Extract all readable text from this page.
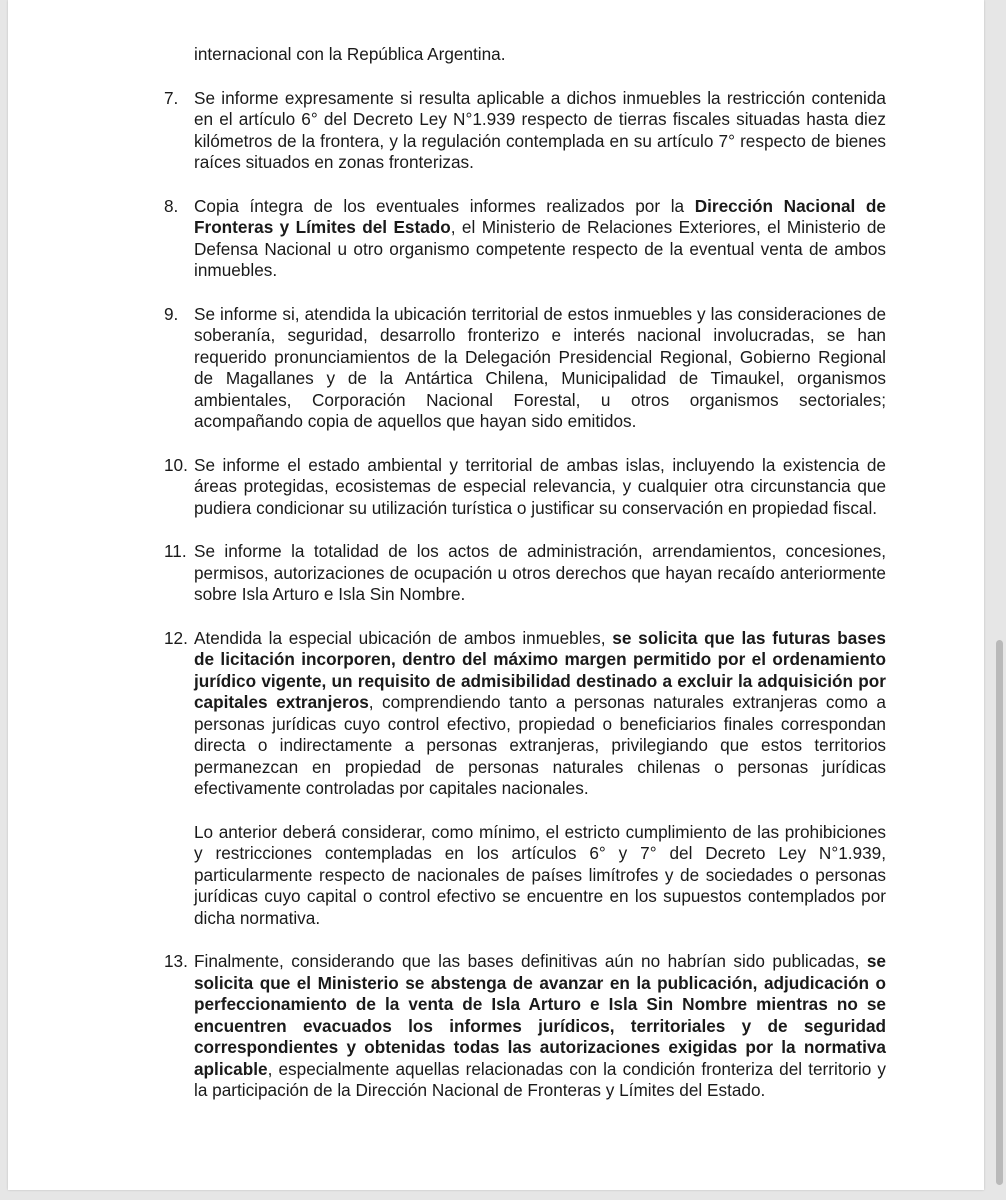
internacional con la República Argentina.

7. Se informe expresamente si resulta aplicable a dichos inmuebles la restricción contenida en el artículo 6° del Decreto Ley N°1.939 respecto de tierras fiscales situadas hasta diez kilómetros de la frontera, y la regulación contemplada en su artículo 7° respecto de bienes raíces situados en zonas fronterizas.

8. Copia íntegra de los eventuales informes realizados por la Dirección Nacional de Fronteras y Límites del Estado, el Ministerio de Relaciones Exteriores, el Ministerio de Defensa Nacional u otro organismo competente respecto de la eventual venta de ambos inmuebles.

9. Se informe si, atendida la ubicación territorial de estos inmuebles y las consideraciones de soberanía, seguridad, desarrollo fronterizo e interés nacional involucradas, se han requerido pronunciamientos de la Delegación Presidencial Regional, Gobierno Regional de Magallanes y de la Antártica Chilena, Municipalidad de Timaukel, organismos ambientales, Corporación Nacional Forestal, u otros organismos sectoriales; acompañando copia de aquellos que hayan sido emitidos.

10. Se informe el estado ambiental y territorial de ambas islas, incluyendo la existencia de áreas protegidas, ecosistemas de especial relevancia, y cualquier otra circunstancia que pudiera condicionar su utilización turística o justificar su conservación en propiedad fiscal.

11. Se informe la totalidad de los actos de administración, arrendamientos, concesiones, permisos, autorizaciones de ocupación u otros derechos que hayan recaído anteriormente sobre Isla Arturo e Isla Sin Nombre.

12. Atendida la especial ubicación de ambos inmuebles, se solicita que las futuras bases de licitación incorporen, dentro del máximo margen permitido por el ordenamiento jurídico vigente, un requisito de admisibilidad destinado a excluir la adquisición por capitales extranjeros, comprendiendo tanto a personas naturales extranjeras como a personas jurídicas cuyo control efectivo, propiedad o beneficiarios finales correspondan directa o indirectamente a personas extranjeras, privilegiando que estos territorios permanezcan en propiedad de personas naturales chilenas o personas jurídicas efectivamente controladas por capitales nacionales.

Lo anterior deberá considerar, como mínimo, el estricto cumplimiento de las prohibiciones y restricciones contempladas en los artículos 6° y 7° del Decreto Ley N°1.939, particularmente respecto de nacionales de países limítrofes y de sociedades o personas jurídicas cuyo capital o control efectivo se encuentre en los supuestos contemplados por dicha normativa.

13. Finalmente, considerando que las bases definitivas aún no habrían sido publicadas, se solicita que el Ministerio se abstenga de avanzar en la publicación, adjudicación o perfeccionamiento de la venta de Isla Arturo e Isla Sin Nombre mientras no se encuentren evacuados los informes jurídicos, territoriales y de seguridad correspondientes y obtenidas todas las autorizaciones exigidas por la normativa aplicable, especialmente aquellas relacionadas con la condición fronteriza del territorio y la participación de la Dirección Nacional de Fronteras y Límites del Estado.
